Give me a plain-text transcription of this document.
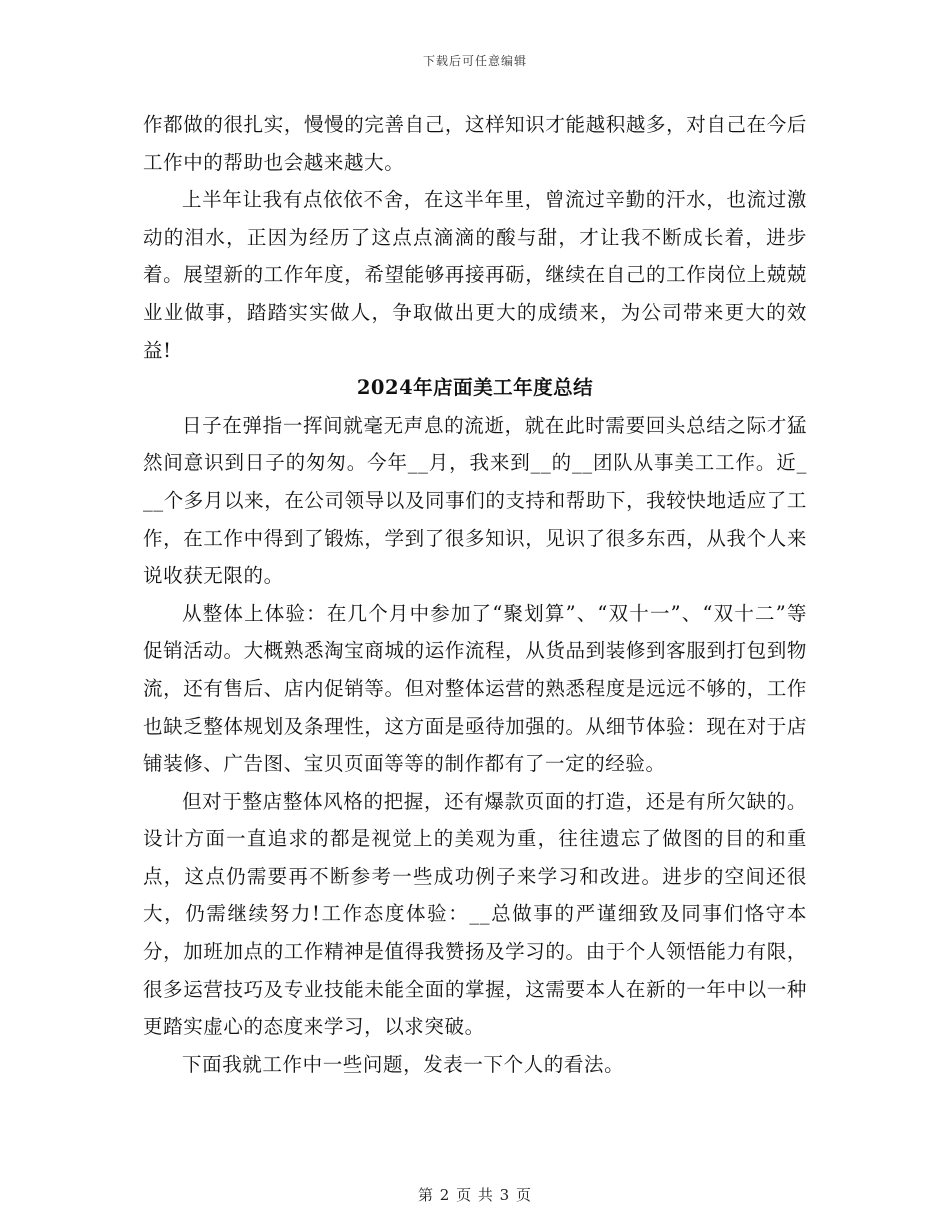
下载后可任意编辑

作都做的很扎实，慢慢的完善自己，这样知识才能越积越多，对自己在今后工作中的帮助也会越来越大。

上半年让我有点依依不舍，在这半年里，曾流过辛勤的汗水，也流过激动的泪水，正因为经历了这点点滴滴的酸与甜，才让我不断成长着，进步着。展望新的工作年度，希望能够再接再砺，继续在自己的工作岗位上兢兢业业做事，踏踏实实做人，争取做出更大的成绩来，为公司带来更大的效益!

2024年店面美工年度总结

日子在弹指一挥间就毫无声息的流逝，就在此时需要回头总结之际才猛然间意识到日子的匆匆。今年__月，我来到__的__团队从事美工工作。近___个多月以来，在公司领导以及同事们的支持和帮助下，我较快地适应了工作，在工作中得到了锻炼，学到了很多知识，见识了很多东西，从我个人来说收获无限的。

从整体上体验：在几个月中参加了“聚划算”、“双十一”、“双十二”等促销活动。大概熟悉淘宝商城的运作流程，从货品到装修到客服到打包到物流，还有售后、店内促销等。但对整体运营的熟悉程度是远远不够的，工作也缺乏整体规划及条理性，这方面是亟待加强的。从细节体验：现在对于店铺装修、广告图、宝贝页面等等的制作都有了一定的经验。

但对于整店整体风格的把握，还有爆款页面的打造，还是有所欠缺的。设计方面一直追求的都是视觉上的美观为重，往往遗忘了做图的目的和重点，这点仍需要再不断参考一些成功例子来学习和改进。进步的空间还很大，仍需继续努力!工作态度体验：__总做事的严谨细致及同事们恪守本分，加班加点的工作精神是值得我赞扬及学习的。由于个人领悟能力有限，很多运营技巧及专业技能未能全面的掌握，这需要本人在新的一年中以一种更踏实虚心的态度来学习，以求突破。

下面我就工作中一些问题，发表一下个人的看法。

第 2 页 共 3 页
